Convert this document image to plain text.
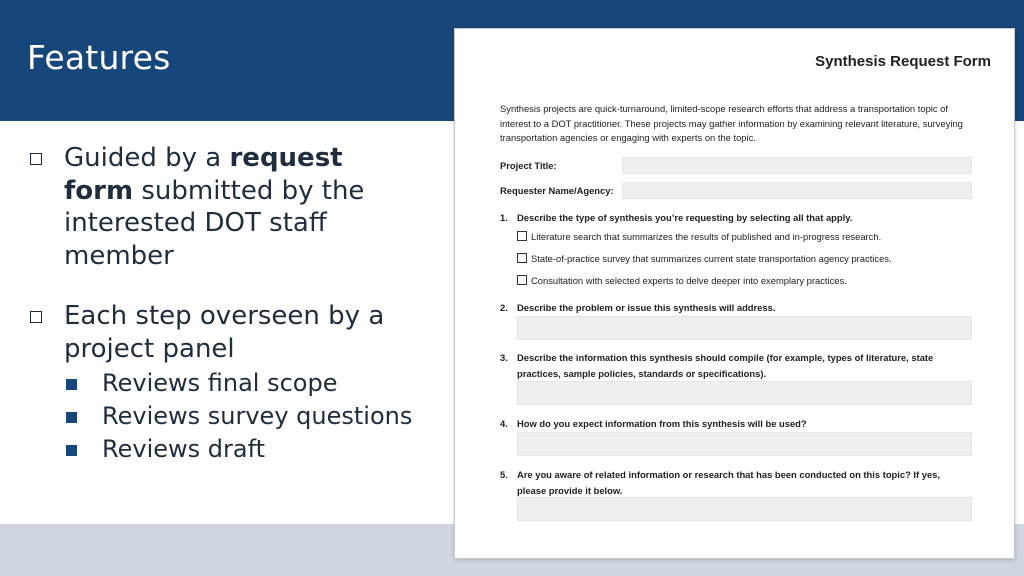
Features
Guided by a request
form submitted by the interested DOT staff member
Each step overseen by a project panel
Reviews final scope
Reviews survey questions
Reviews draft
Synthesis Request Form
Synthesis projects are quick-turnaround, limited-scope research efforts that address a transportation topic of interest to a DOT practitioner. These projects may gather information by examining relevant literature, surveying transportation agencies or engaging with experts on the topic.
Project Title:
Requester Name/Agency:
1. Describe the type of synthesis you’re requesting by selecting all that apply.
Literature search that summarizes the results of published and in-progress research.
State-of-practice survey that summarizes current state transportation agency practices.
Consultation with selected experts to delve deeper into exemplary practices.
2. Describe the problem or issue this synthesis will address.
3. Describe the information this synthesis should compile (for example, types of literature, state practices, sample policies, standards or specifications).
4. How do you expect information from this synthesis will be used?
5. Are you aware of related information or research that has been conducted on this topic? If yes, please provide it below.
